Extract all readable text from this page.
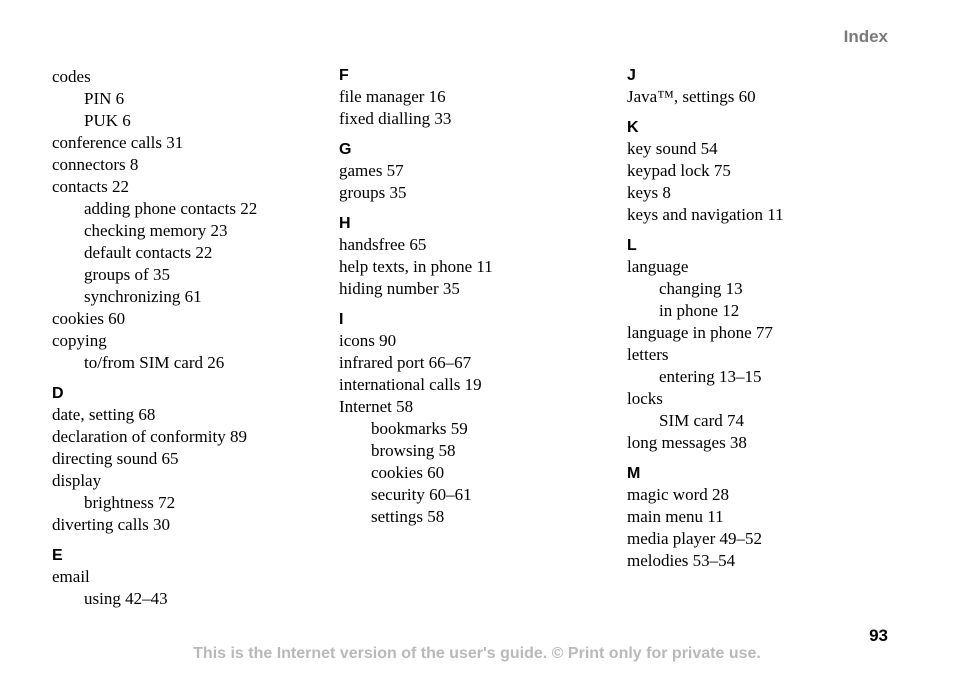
Index
codes
PIN 6
PUK 6
conference calls 31
connectors 8
contacts 22
adding phone contacts 22
checking memory 23
default contacts 22
groups of 35
synchronizing 61
cookies 60
copying
to/from SIM card 26
D
date, setting 68
declaration of conformity 89
directing sound 65
display
brightness 72
diverting calls 30
E
email
using 42–43
F
file manager 16
fixed dialling 33
G
games 57
groups 35
H
handsfree 65
help texts, in phone 11
hiding number 35
I
icons 90
infrared port 66–67
international calls 19
Internet 58
bookmarks 59
browsing 58
cookies 60
security 60–61
settings 58
J
Java™, settings 60
K
key sound 54
keypad lock 75
keys 8
keys and navigation 11
L
language
changing 13
in phone 12
language in phone 77
letters
entering 13–15
locks
SIM card 74
long messages 38
M
magic word 28
main menu 11
media player 49–52
melodies 53–54
93
This is the Internet version of the user's guide. © Print only for private use.
